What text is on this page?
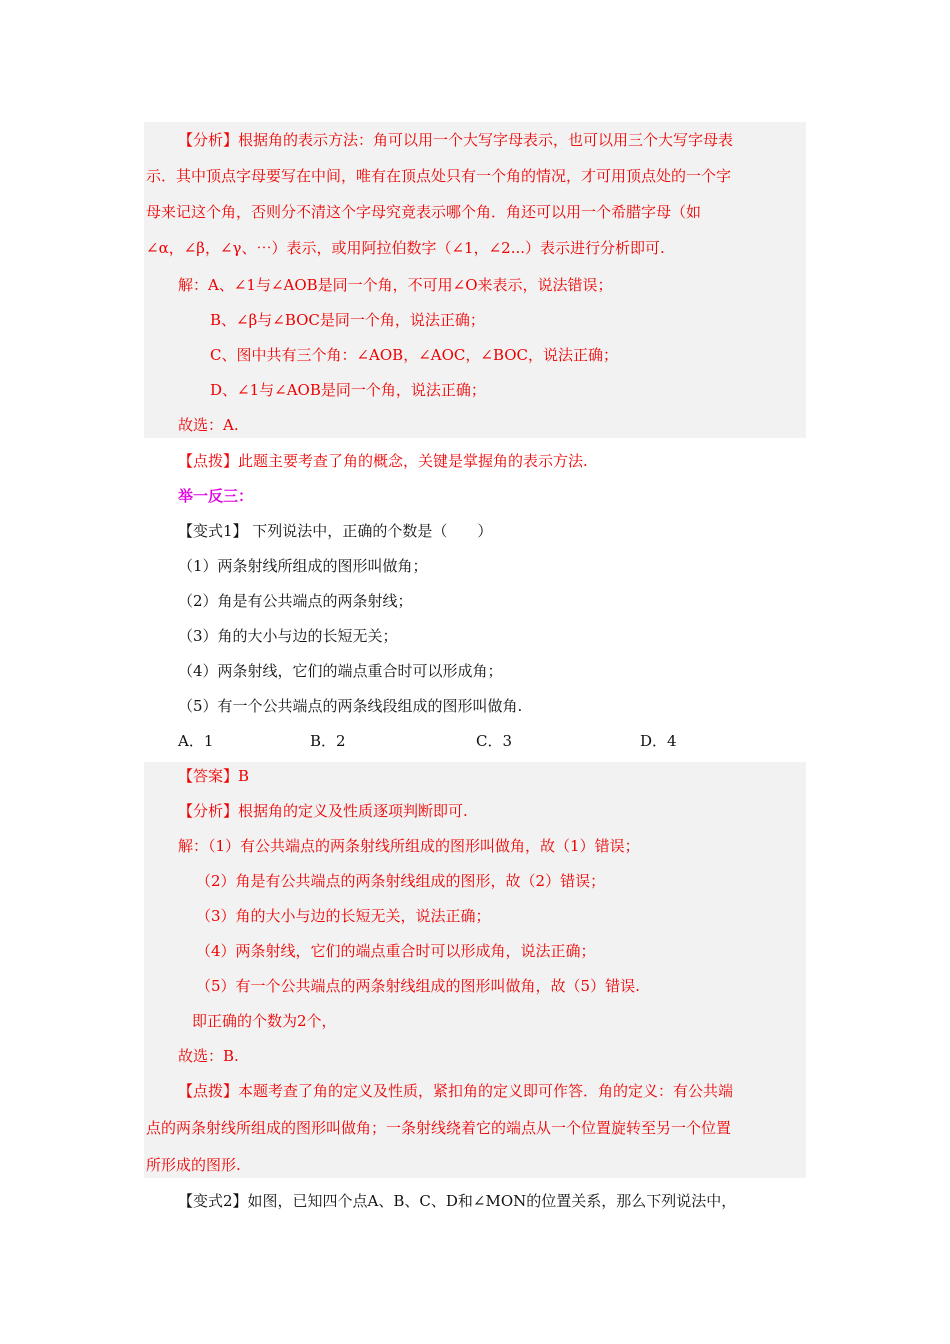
【分析】根据角的表示方法：角可以用一个大写字母表示，也可以用三个大写字母表
示．其中顶点字母要写在中间，唯有在顶点处只有一个角的情况，才可用顶点处的一个字
母来记这个角，否则分不清这个字母究竟表示哪个角．角还可以用一个希腊字母（如
∠α，∠β，∠γ、⋯）表示，或用阿拉伯数字（∠1，∠2...）表示进行分析即可.
解：A、∠1与∠AOB是同一个角，不可用∠O来表示，说法错误；
B、∠β与∠BOC是同一个角，说法正确；
C、图中共有三个角：∠AOB，∠AOC，∠BOC，说法正确；
D、∠1与∠AOB是同一个角，说法正确；
故选：A.
【点拨】此题主要考查了角的概念，关键是掌握角的表示方法.
举一反三：
【变式1】 下列说法中，正确的个数是（　　）
（1）两条射线所组成的图形叫做角；
（2）角是有公共端点的两条射线；
（3）角的大小与边的长短无关；
（4）两条射线，它们的端点重合时可以形成角；
（5）有一个公共端点的两条线段组成的图形叫做角.
A．1	B．2	C．3	D．4
【答案】B
【分析】根据角的定义及性质逐项判断即可.
解：（1）有公共端点的两条射线所组成的图形叫做角，故（1）错误；
（2）角是有公共端点的两条射线组成的图形，故（2）错误；
（3）角的大小与边的长短无关，说法正确；
（4）两条射线，它们的端点重合时可以形成角，说法正确；
（5）有一个公共端点的两条射线组成的图形叫做角，故（5）错误.
即正确的个数为2个，
故选：B.
【点拨】本题考查了角的定义及性质，紧扣角的定义即可作答．角的定义：有公共端
点的两条射线所组成的图形叫做角；一条射线绕着它的端点从一个位置旋转至另一个位置
所形成的图形.
【变式2】如图，已知四个点A、B、C、D和∠MON的位置关系，那么下列说法中，
